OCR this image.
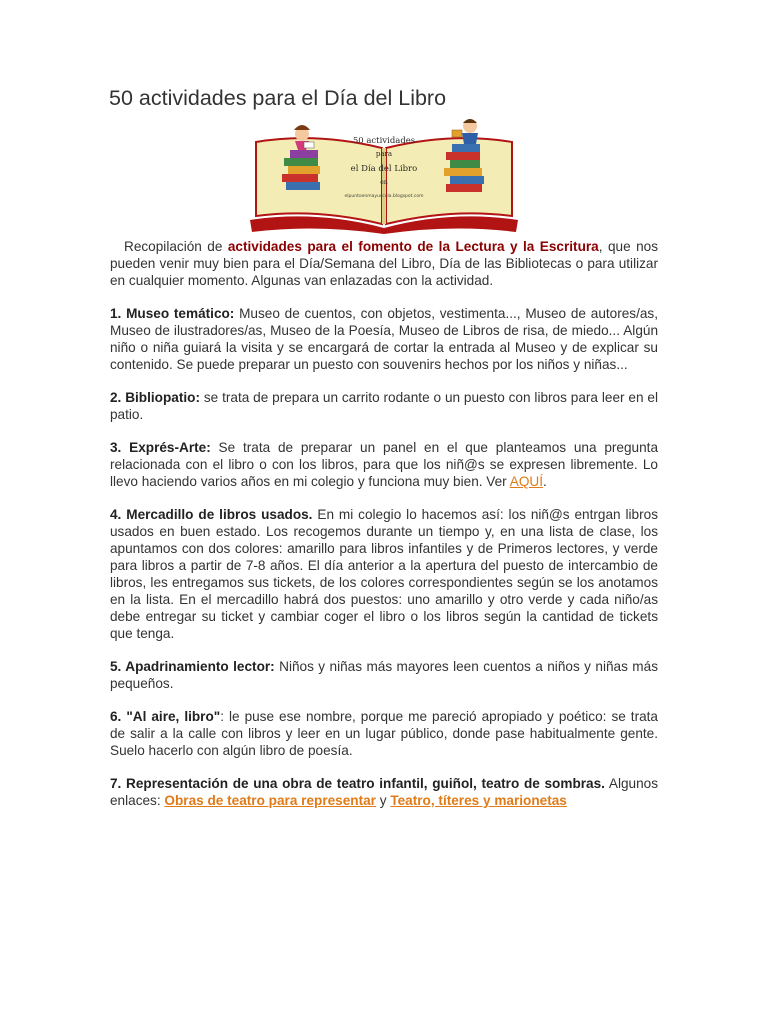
50 actividades para el Día del Libro
50 actividades
para
el Día del Libro
en
elpuntoenmayuscula.blogspot.com

Recopilación de actividades para el fomento de la Lectura y la Escritura, que nos pueden venir muy bien para el Día/Semana del Libro, Día de las Bibliotecas o para utilizar en cualquier momento. Algunas van enlazadas con la actividad.

1. Museo temático: Museo de cuentos, con objetos, vestimenta..., Museo de autores/as, Museo de ilustradores/as, Museo de la Poesía, Museo de Libros de risa, de miedo... Algún niño o niña guiará la visita y se encargará de cortar la entrada al Museo y de explicar su contenido. Se puede preparar un puesto con souvenirs hechos por los niños y niñas...

2. Bibliopatio: se trata de prepara un carrito rodante o un puesto con libros para leer en el patio.

3. Exprés-Arte: Se trata de preparar un panel en el que planteamos una pregunta relacionada con el libro o con los libros, para que los niñ@s se expresen libremente. Lo llevo haciendo varios años en mi colegio y funciona muy bien. Ver AQUÍ.

4. Mercadillo de libros usados. En mi colegio lo hacemos así: los niñ@s entrgan libros usados en buen estado. Los recogemos durante un tiempo y, en una lista de clase, los apuntamos con dos colores: amarillo para libros infantiles y de Primeros lectores, y verde para libros a partir de 7-8 años. El día anterior a la apertura del puesto de intercambio de libros, les entregamos sus tickets, de los colores correspondientes según se los anotamos en la lista. En el mercadillo habrá dos puestos: uno amarillo y otro verde y cada niño/as debe entregar su ticket y cambiar coger el libro o los libros según la cantidad de tickets que tenga.

5. Apadrinamiento lector: Niños y niñas más mayores leen cuentos a niños y niñas más pequeños.

6. "Al aire, libro": le puse ese nombre, porque me pareció apropiado y poético: se trata de salir a la calle con libros y leer en un lugar público, donde pase habitualmente gente. Suelo hacerlo con algún libro de poesía.

7. Representación de una obra de teatro infantil, guiñol, teatro de sombras. Algunos enlaces: Obras de teatro para representar y Teatro, títeres y marionetas
